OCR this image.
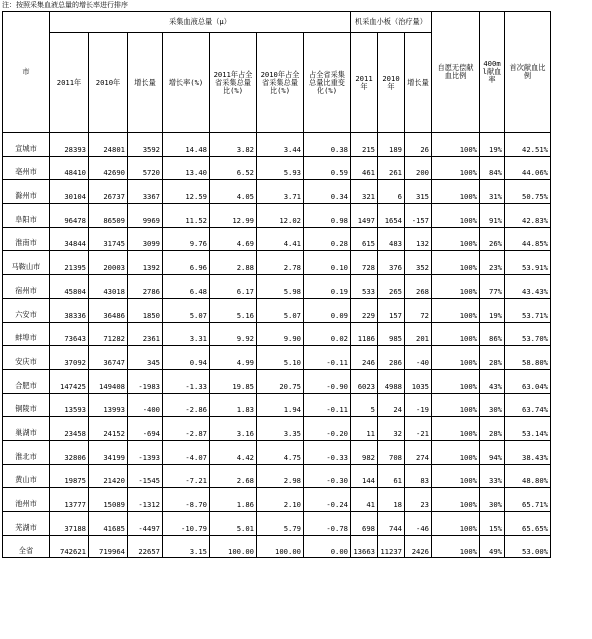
注：按照采集血液总量的增长率进行排序
市	采集血液总量（μ）							机采血小板（治疗量）			自愿无偿献血比例	400ml献血率	首次献血比例
	2011年	2010年	增长量	增长率(%)	2011年占全省采集总量比(%)	2010年占全省采集总量比(%)	占全省采集总量比重变化(%)	2011年	2010年	增长量			
宣城市	28393	24801	3592	14.48	3.82	3.44	0.38	215	189	26	100%	19%	42.51%
亳州市	48410	42690	5720	13.40	6.52	5.93	0.59	461	261	200	100%	84%	44.06%
滁州市	30104	26737	3367	12.59	4.05	3.71	0.34	321	6	315	100%	31%	50.75%
阜阳市	96478	86509	9969	11.52	12.99	12.02	0.98	1497	1654	-157	100%	91%	42.83%
淮南市	34844	31745	3099	9.76	4.69	4.41	0.28	615	483	132	100%	26%	44.85%
马鞍山市	21395	20003	1392	6.96	2.88	2.78	0.10	728	376	352	100%	23%	53.91%
宿州市	45804	43018	2786	6.48	6.17	5.98	0.19	533	265	268	100%	77%	43.43%
六安市	38336	36486	1850	5.07	5.16	5.07	0.09	229	157	72	100%	19%	53.71%
蚌埠市	73643	71282	2361	3.31	9.92	9.90	0.02	1186	985	201	100%	86%	53.70%
安庆市	37092	36747	345	0.94	4.99	5.10	-0.11	246	286	-40	100%	28%	58.80%
合肥市	147425	149408	-1983	-1.33	19.85	20.75	-0.90	6023	4988	1035	100%	43%	63.04%
铜陵市	13593	13993	-400	-2.86	1.83	1.94	-0.11	5	24	-19	100%	30%	63.74%
巢湖市	23458	24152	-694	-2.87	3.16	3.35	-0.20	11	32	-21	100%	28%	53.14%
淮北市	32806	34199	-1393	-4.07	4.42	4.75	-0.33	982	708	274	100%	94%	38.43%
黄山市	19875	21420	-1545	-7.21	2.68	2.98	-0.30	144	61	83	100%	33%	48.80%
池州市	13777	15089	-1312	-8.70	1.86	2.10	-0.24	41	18	23	100%	30%	65.71%
芜湖市	37188	41685	-4497	-10.79	5.01	5.79	-0.78	698	744	-46	100%	15%	65.65%
全省	742621	719964	22657	3.15	100.00	100.00	0.00	13663	11237	2426	100%	49%	53.00%
